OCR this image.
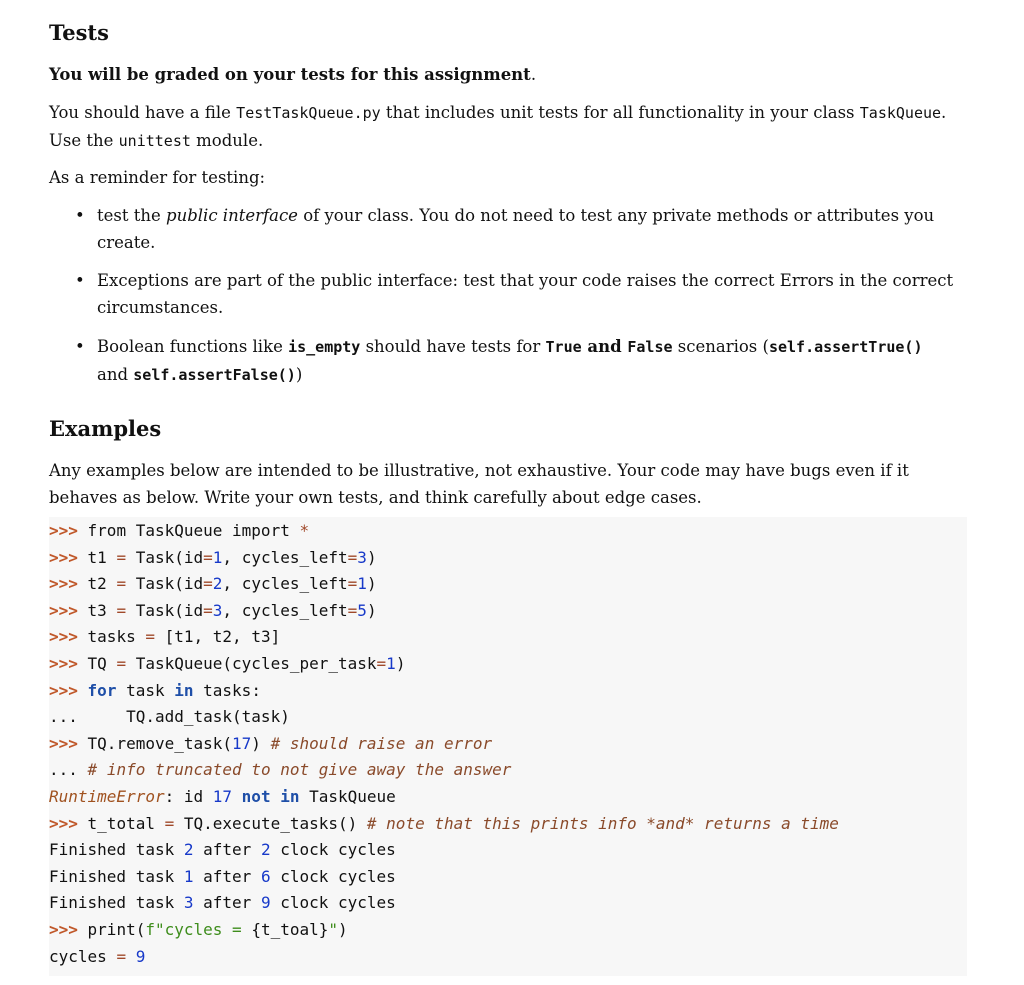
Tests

You will be graded on your tests for this assignment.

You should have a file TestTaskQueue.py that includes unit tests for all functionality in your class TaskQueue.
Use the unittest module.

As a reminder for testing:

• test the public interface of your class. You do not need to test any private methods or attributes you
create.
• Exceptions are part of the public interface: test that your code raises the correct Errors in the correct
circumstances.
• Boolean functions like is_empty should have tests for True and False scenarios (self.assertTrue()
and self.assertFalse())
Examples

Any examples below are intended to be illustrative, not exhaustive. Your code may have bugs even if it
behaves as below. Write your own tests, and think carefully about edge cases.

>>> from TaskQueue import *
>>> t1 = Task(id=1, cycles_left=3)
>>> t2 = Task(id=2, cycles_left=1)
>>> t3 = Task(id=3, cycles_left=5)
>>> tasks = [t1, t2, t3]
>>> TQ = TaskQueue(cycles_per_task=1)
>>> for task in tasks:
...     TQ.add_task(task)
>>> TQ.remove_task(17) # should raise an error
... # info truncated to not give away the answer
RuntimeError: id 17 not in TaskQueue
>>> t_total = TQ.execute_tasks() # note that this prints info *and* returns a time
Finished task 2 after 2 clock cycles
Finished task 1 after 6 clock cycles
Finished task 3 after 9 clock cycles
>>> print(f"cycles = {t_toal}")
cycles = 9
